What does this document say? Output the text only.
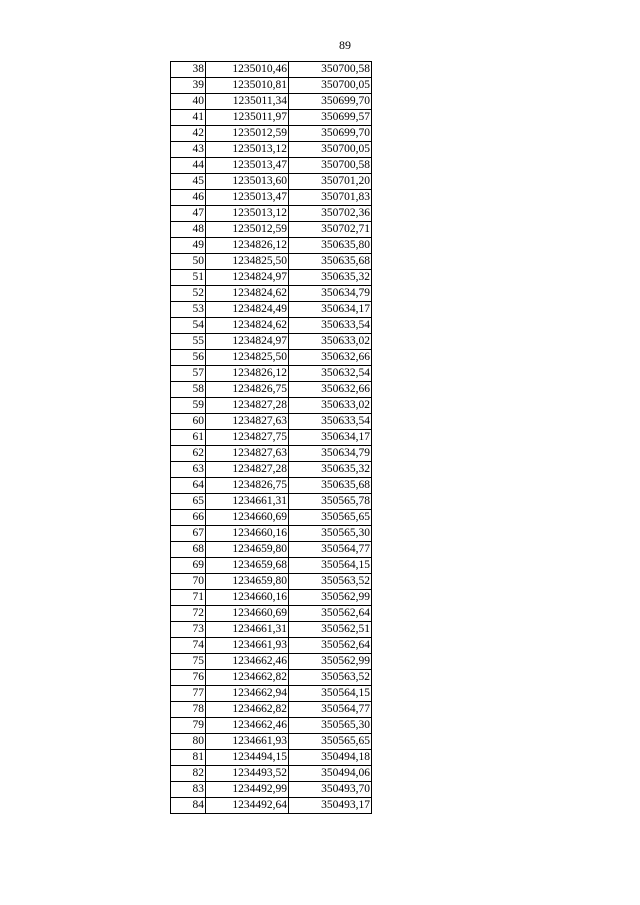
89
38	1235010,46	350700,58
39	1235010,81	350700,05
40	1235011,34	350699,70
41	1235011,97	350699,57
42	1235012,59	350699,70
43	1235013,12	350700,05
44	1235013,47	350700,58
45	1235013,60	350701,20
46	1235013,47	350701,83
47	1235013,12	350702,36
48	1235012,59	350702,71
49	1234826,12	350635,80
50	1234825,50	350635,68
51	1234824,97	350635,32
52	1234824,62	350634,79
53	1234824,49	350634,17
54	1234824,62	350633,54
55	1234824,97	350633,02
56	1234825,50	350632,66
57	1234826,12	350632,54
58	1234826,75	350632,66
59	1234827,28	350633,02
60	1234827,63	350633,54
61	1234827,75	350634,17
62	1234827,63	350634,79
63	1234827,28	350635,32
64	1234826,75	350635,68
65	1234661,31	350565,78
66	1234660,69	350565,65
67	1234660,16	350565,30
68	1234659,80	350564,77
69	1234659,68	350564,15
70	1234659,80	350563,52
71	1234660,16	350562,99
72	1234660,69	350562,64
73	1234661,31	350562,51
74	1234661,93	350562,64
75	1234662,46	350562,99
76	1234662,82	350563,52
77	1234662,94	350564,15
78	1234662,82	350564,77
79	1234662,46	350565,30
80	1234661,93	350565,65
81	1234494,15	350494,18
82	1234493,52	350494,06
83	1234492,99	350493,70
84	1234492,64	350493,17
